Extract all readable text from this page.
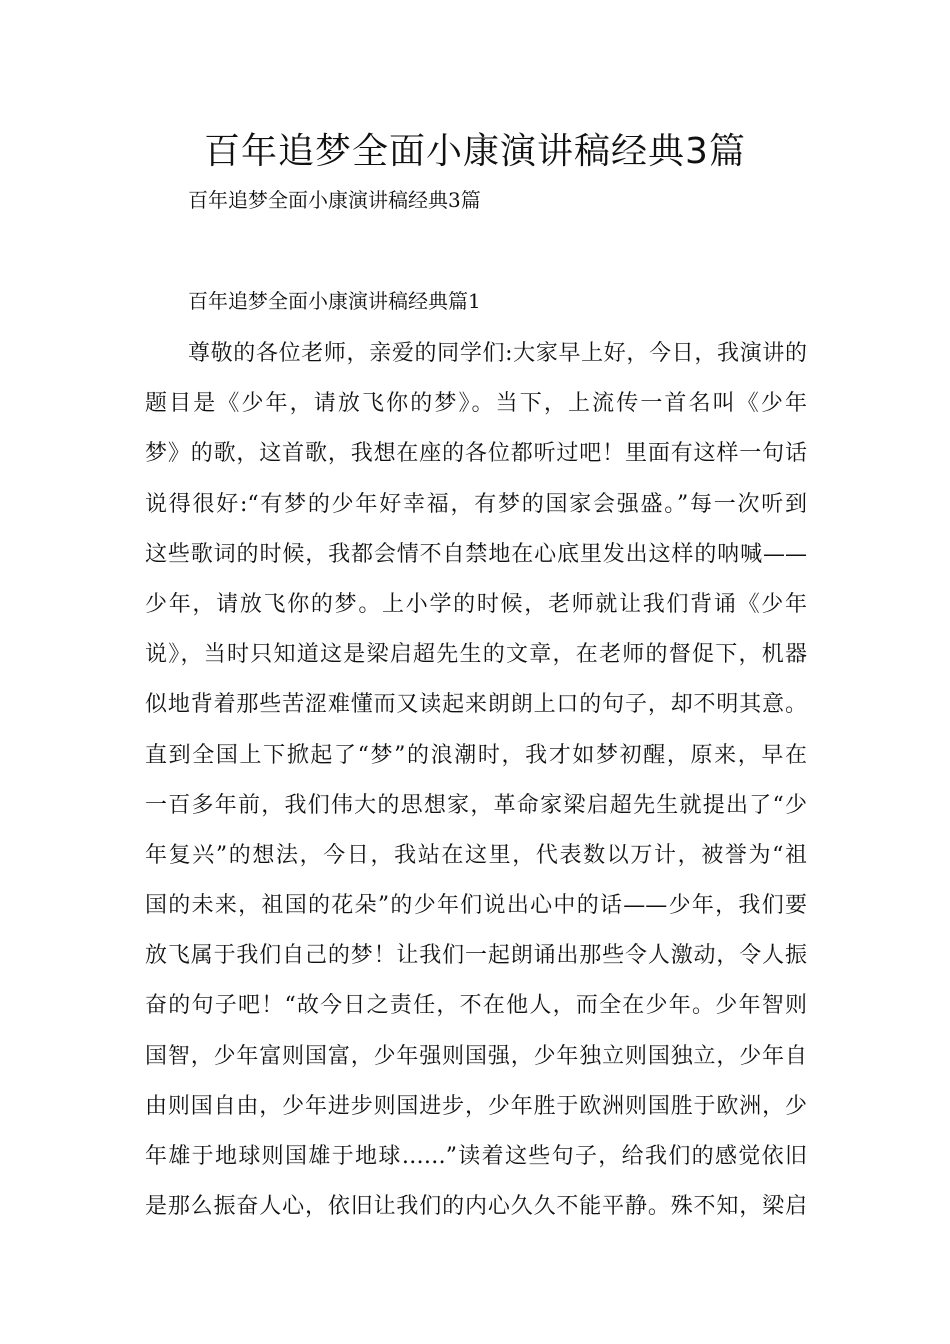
百年追梦全面小康演讲稿经典3篇

百年追梦全面小康演讲稿经典3篇

百年追梦全面小康演讲稿经典篇1

尊敬的各位老师，亲爱的同学们:大家早上好，今日，我演讲的
题目是《少年，请放飞你的梦》。当下，上流传一首名叫《少年
梦》的歌，这首歌，我想在座的各位都听过吧！里面有这样一句话
说得很好:“有梦的少年好幸福，有梦的国家会强盛。”每一次听到
这些歌词的时候，我都会情不自禁地在心底里发出这样的呐喊——
少年，请放飞你的梦。上小学的时候，老师就让我们背诵《少年
说》，当时只知道这是梁启超先生的文章，在老师的督促下，机器
似地背着那些苦涩难懂而又读起来朗朗上口的句子，却不明其意。
直到全国上下掀起了“梦”的浪潮时，我才如梦初醒，原来，早在
一百多年前，我们伟大的思想家，革命家梁启超先生就提出了“少
年复兴”的想法，今日，我站在这里，代表数以万计，被誉为“祖
国的未来，祖国的花朵”的少年们说出心中的话——少年，我们要
放飞属于我们自己的梦！让我们一起朗诵出那些令人激动，令人振
奋的句子吧！“故今日之责任，不在他人，而全在少年。少年智则
国智，少年富则国富，少年强则国强，少年独立则国独立，少年自
由则国自由，少年进步则国进步，少年胜于欧洲则国胜于欧洲，少
年雄于地球则国雄于地球……”读着这些句子，给我们的感觉依旧
是那么振奋人心，依旧让我们的内心久久不能平静。殊不知，梁启
